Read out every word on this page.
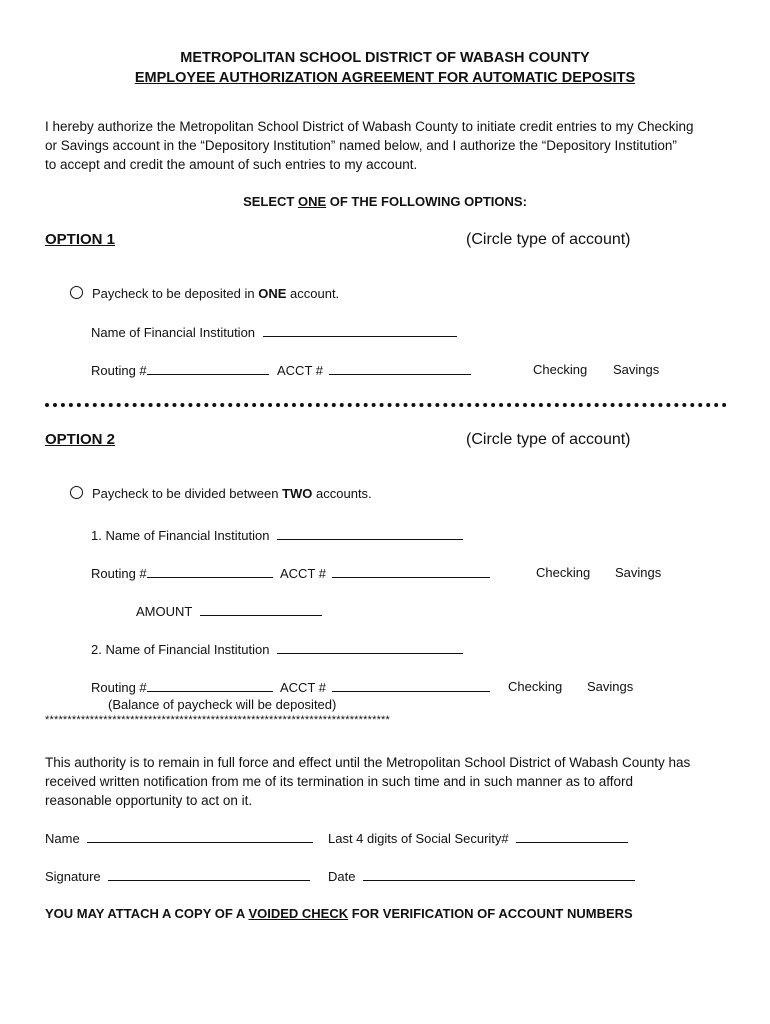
METROPOLITAN SCHOOL DISTRICT OF WABASH COUNTY
EMPLOYEE AUTHORIZATION AGREEMENT FOR AUTOMATIC DEPOSITS
I hereby authorize the Metropolitan School District of Wabash County to initiate credit entries to my Checking
or Savings account in the “Depository Institution” named below, and I authorize the “Depository Institution”
to accept and credit the amount of such entries to my account.
SELECT ONE OF THE FOLLOWING OPTIONS:
OPTION 1	(Circle type of account)
Paycheck to be deposited in ONE account.
Name of Financial Institution
Routing #	ACCT #	Checking Savings
OPTION 2	(Circle type of account)
Paycheck to be divided between TWO accounts.
1. Name of Financial Institution
Routing #	ACCT #	Checking Savings
AMOUNT
2. Name of Financial Institution
Routing #	ACCT #	Checking Savings
(Balance of paycheck will be deposited)
*****************************************************************************
This authority is to remain in full force and effect until the Metropolitan School District of Wabash County has
received written notification from me of its termination in such time and in such manner as to afford
reasonable opportunity to act on it.
Name	Last 4 digits of Social Security#
Signature	Date
YOU MAY ATTACH A COPY OF A VOIDED CHECK FOR VERIFICATION OF ACCOUNT NUMBERS
